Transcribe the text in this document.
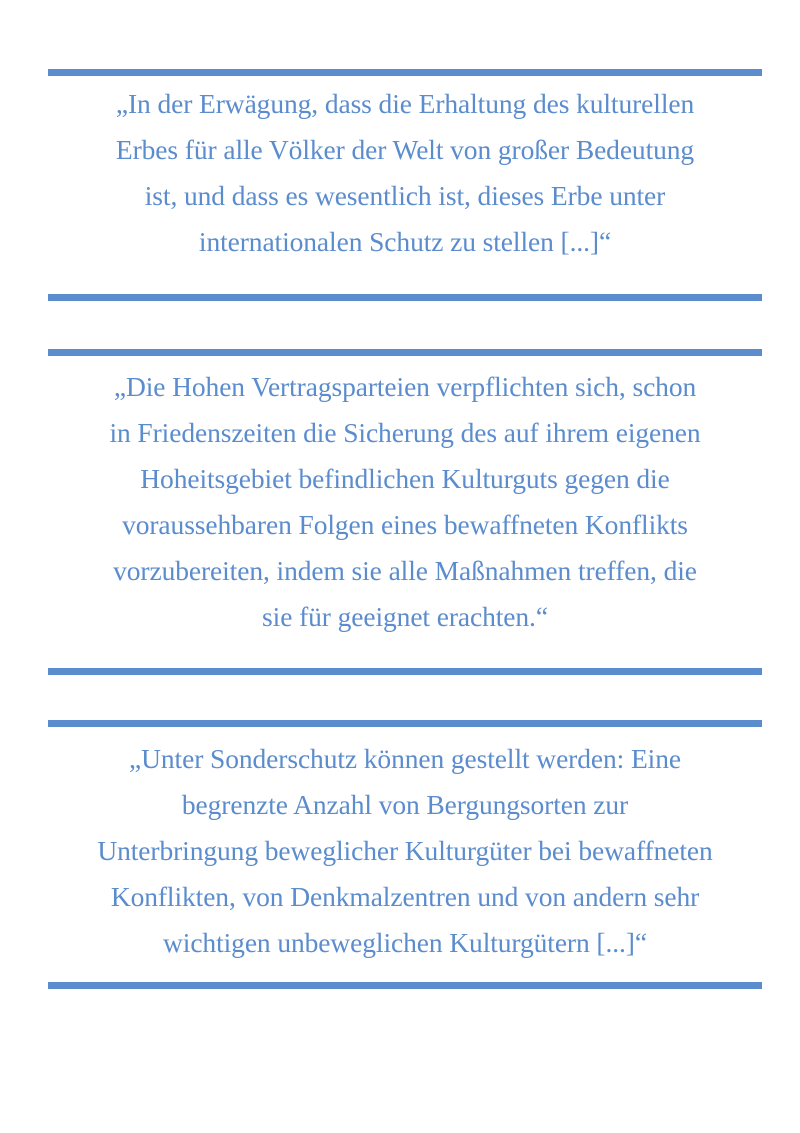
„In der Erwägung, dass die Erhaltung des kulturellen
Erbes für alle Völker der Welt von großer Bedeutung
ist, und dass es wesentlich ist, dieses Erbe unter
internationalen Schutz zu stellen [...]“

„Die Hohen Vertragsparteien verpflichten sich, schon
in Friedenszeiten die Sicherung des auf ihrem eigenen
Hoheitsgebiet befindlichen Kulturguts gegen die
voraussehbaren Folgen eines bewaffneten Konflikts
vorzubereiten, indem sie alle Maßnahmen treffen, die
sie für geeignet erachten.“

„Unter Sonderschutz können gestellt werden: Eine
begrenzte Anzahl von Bergungsorten zur
Unterbringung beweglicher Kulturgüter bei bewaffneten
Konflikten, von Denkmalzentren und von andern sehr
wichtigen unbeweglichen Kulturgütern [...]“
